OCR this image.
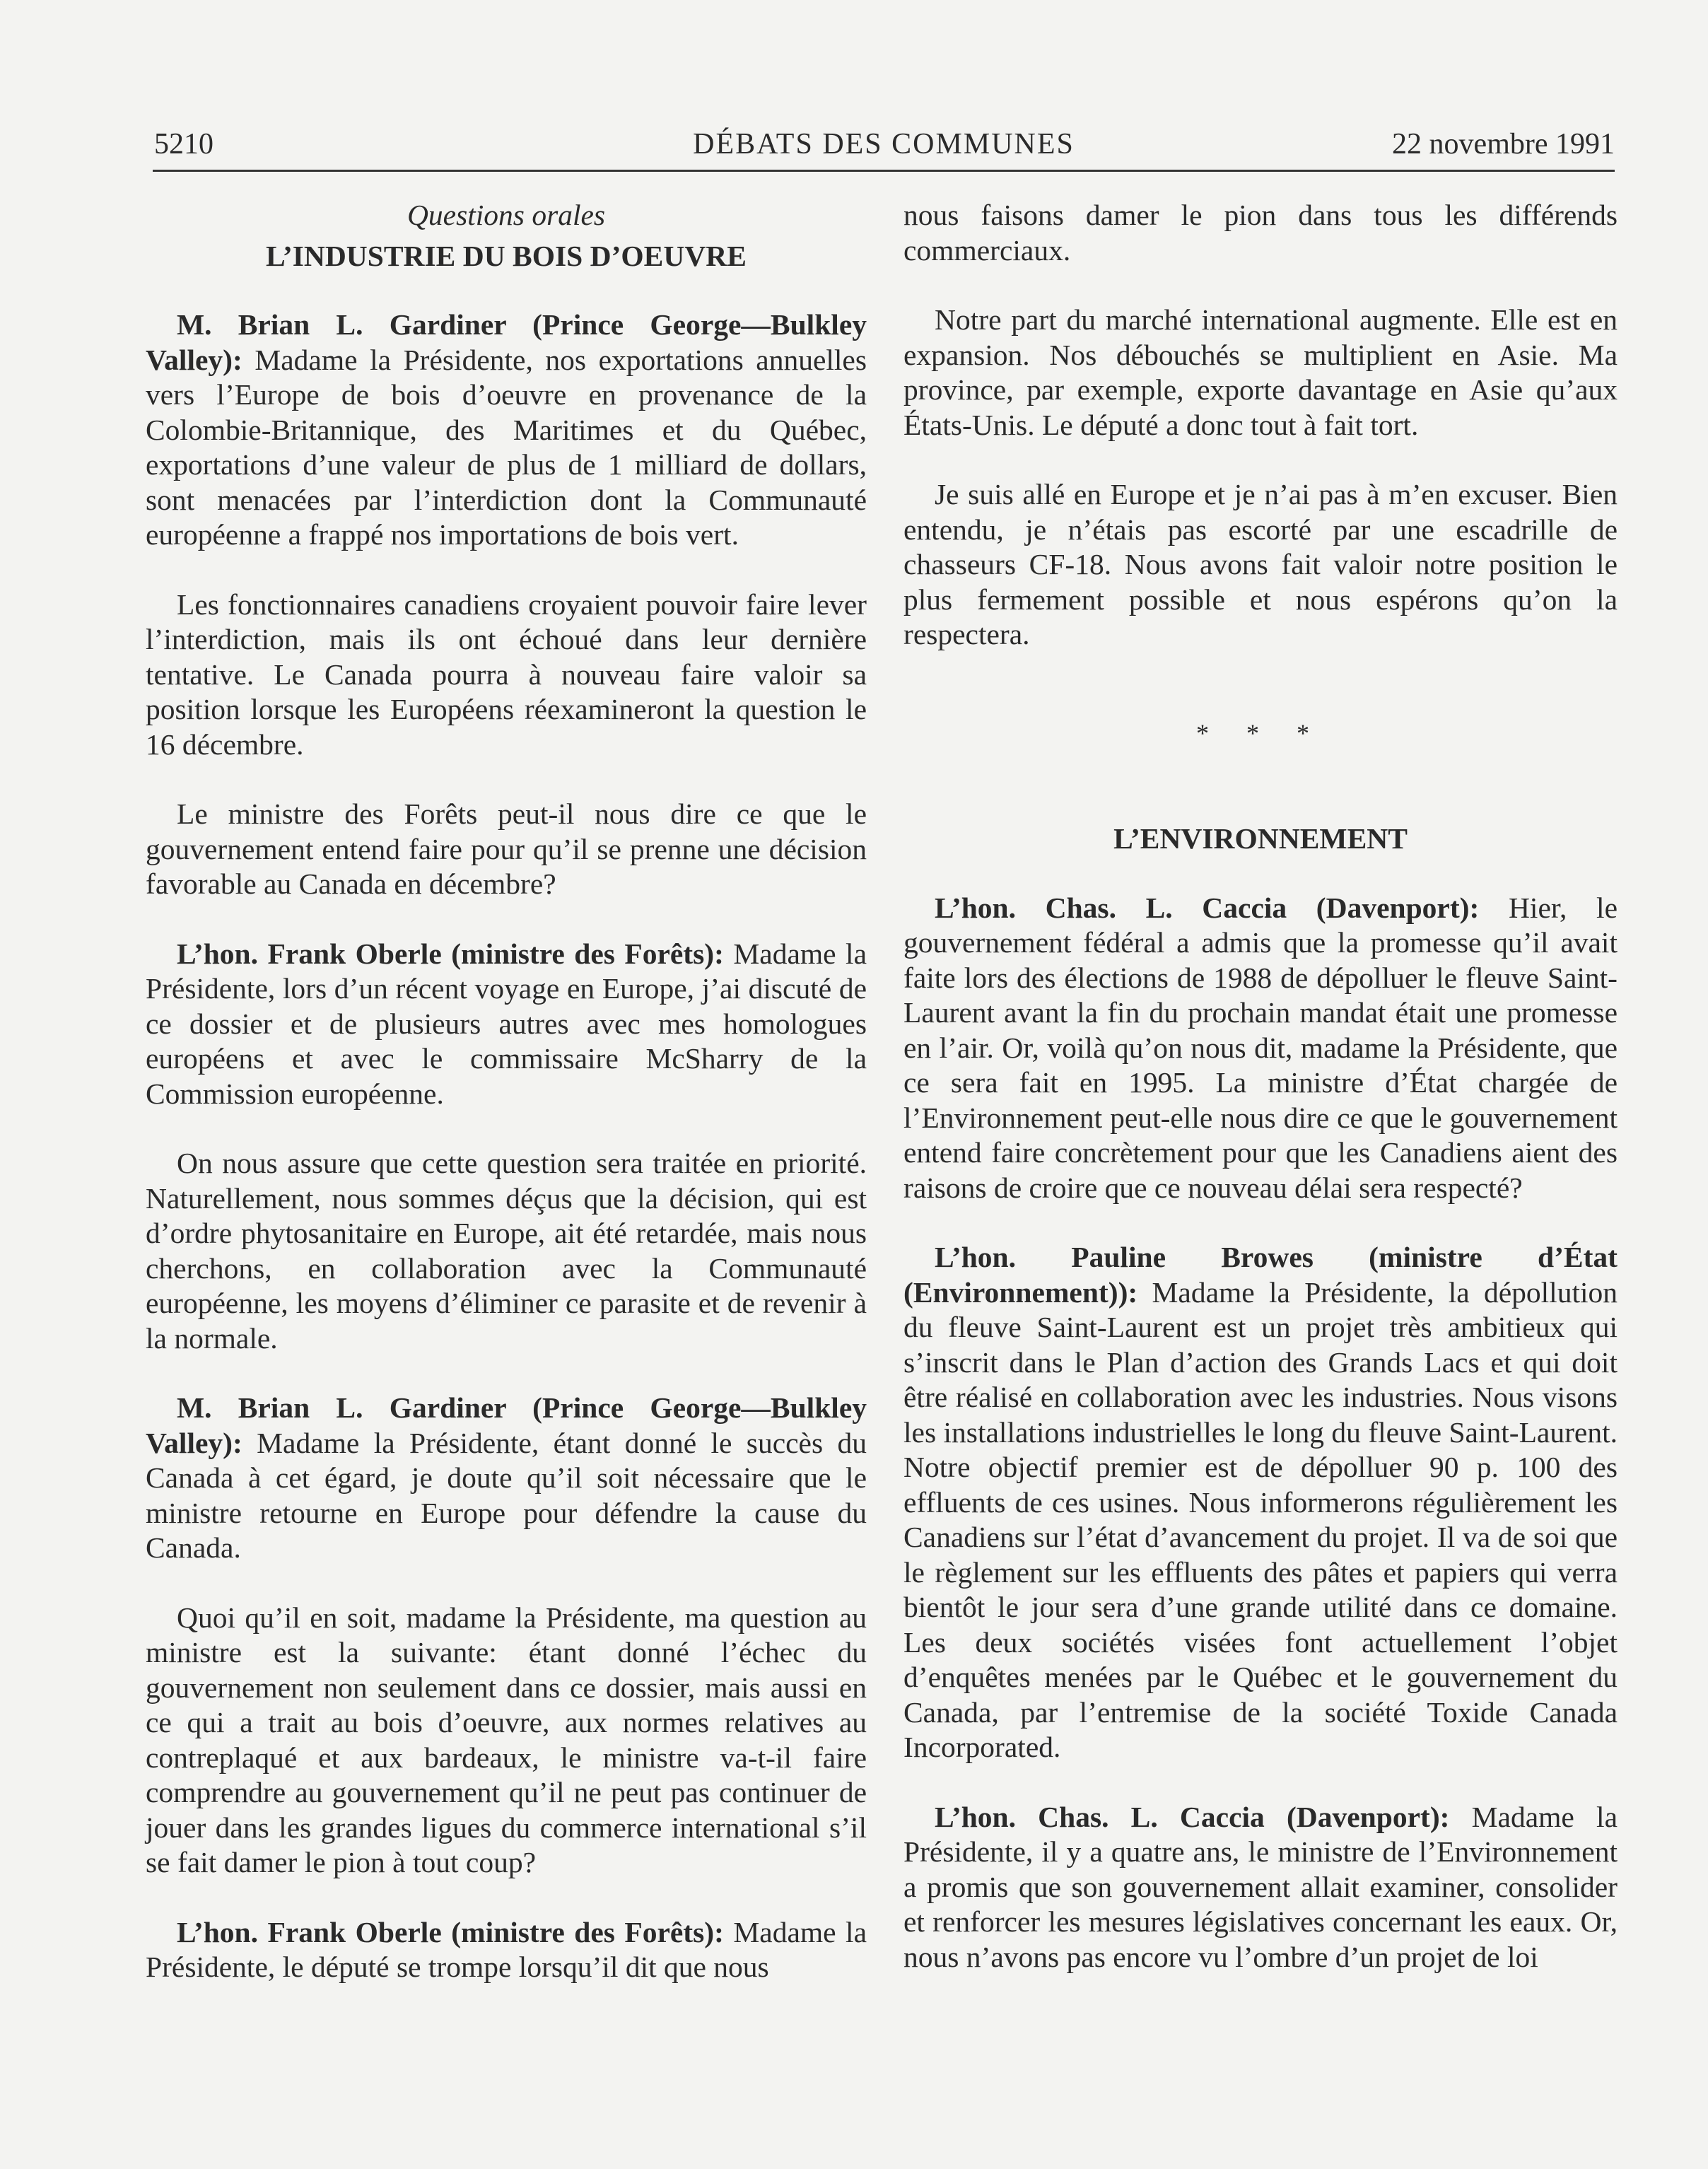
5210	DÉBATS DES COMMUNES	22 novembre 1991
Questions orales
L’INDUSTRIE DU BOIS D’OEUVRE

M. Brian L. Gardiner (Prince George—Bulkley Valley): Madame la Présidente, nos exportations annuelles vers l’Europe de bois d’oeuvre en provenance de la Colombie-Britannique, des Maritimes et du Québec, exportations d’une valeur de plus de 1 milliard de dollars, sont menacées par l’interdiction dont la Communauté européenne a frappé nos importations de bois vert.

Les fonctionnaires canadiens croyaient pouvoir faire lever l’interdiction, mais ils ont échoué dans leur dernière tentative. Le Canada pourra à nouveau faire valoir sa position lorsque les Européens réexamineront la question le 16 décembre.

Le ministre des Forêts peut-il nous dire ce que le gouvernement entend faire pour qu’il se prenne une décision favorable au Canada en décembre?

L’hon. Frank Oberle (ministre des Forêts): Madame la Présidente, lors d’un récent voyage en Europe, j’ai discuté de ce dossier et de plusieurs autres avec mes homologues européens et avec le commissaire McSharry de la Commission européenne.

On nous assure que cette question sera traitée en priorité. Naturellement, nous sommes déçus que la décision, qui est d’ordre phytosanitaire en Europe, ait été retardée, mais nous cherchons, en collaboration avec la Communauté européenne, les moyens d’éliminer ce parasite et de revenir à la normale.

M. Brian L. Gardiner (Prince George—Bulkley Valley): Madame la Présidente, étant donné le succès du Canada à cet égard, je doute qu’il soit nécessaire que le ministre retourne en Europe pour défendre la cause du Canada.

Quoi qu’il en soit, madame la Présidente, ma question au ministre est la suivante: étant donné l’échec du gouvernement non seulement dans ce dossier, mais aussi en ce qui a trait au bois d’oeuvre, aux normes relatives au contreplaqué et aux bardeaux, le ministre va-t-il faire comprendre au gouvernement qu’il ne peut pas continuer de jouer dans les grandes ligues du commerce international s’il se fait damer le pion à tout coup?

L’hon. Frank Oberle (ministre des Forêts): Madame la Présidente, le député se trompe lorsqu’il dit que nous

nous faisons damer le pion dans tous les différends commerciaux.

Notre part du marché international augmente. Elle est en expansion. Nos débouchés se multiplient en Asie. Ma province, par exemple, exporte davantage en Asie qu’aux États-Unis. Le député a donc tout à fait tort.

Je suis allé en Europe et je n’ai pas à m’en excuser. Bien entendu, je n’étais pas escorté par une escadrille de chasseurs CF-18. Nous avons fait valoir notre position le plus fermement possible et nous espérons qu’on la respectera.

* * *
L’ENVIRONNEMENT

L’hon. Chas. L. Caccia (Davenport): Hier, le gouvernement fédéral a admis que la promesse qu’il avait faite lors des élections de 1988 de dépolluer le fleuve Saint-Laurent avant la fin du prochain mandat était une promesse en l’air. Or, voilà qu’on nous dit, madame la Présidente, que ce sera fait en 1995. La ministre d’État chargée de l’Environnement peut-elle nous dire ce que le gouvernement entend faire concrètement pour que les Canadiens aient des raisons de croire que ce nouveau délai sera respecté?

L’hon. Pauline Browes (ministre d’État (Environnement)): Madame la Présidente, la dépollution du fleuve Saint-Laurent est un projet très ambitieux qui s’inscrit dans le Plan d’action des Grands Lacs et qui doit être réalisé en collaboration avec les industries. Nous visons les installations industrielles le long du fleuve Saint-Laurent. Notre objectif premier est de dépolluer 90 p. 100 des effluents de ces usines. Nous informerons régulièrement les Canadiens sur l’état d’avancement du projet. Il va de soi que le règlement sur les effluents des pâtes et papiers qui verra bientôt le jour sera d’une grande utilité dans ce domaine. Les deux sociétés visées font actuellement l’objet d’enquêtes menées par le Québec et le gouvernement du Canada, par l’entremise de la société Toxide Canada Incorporated.

L’hon. Chas. L. Caccia (Davenport): Madame la Présidente, il y a quatre ans, le ministre de l’Environnement a promis que son gouvernement allait examiner, consolider et renforcer les mesures législatives concernant les eaux. Or, nous n’avons pas encore vu l’ombre d’un projet de loi
